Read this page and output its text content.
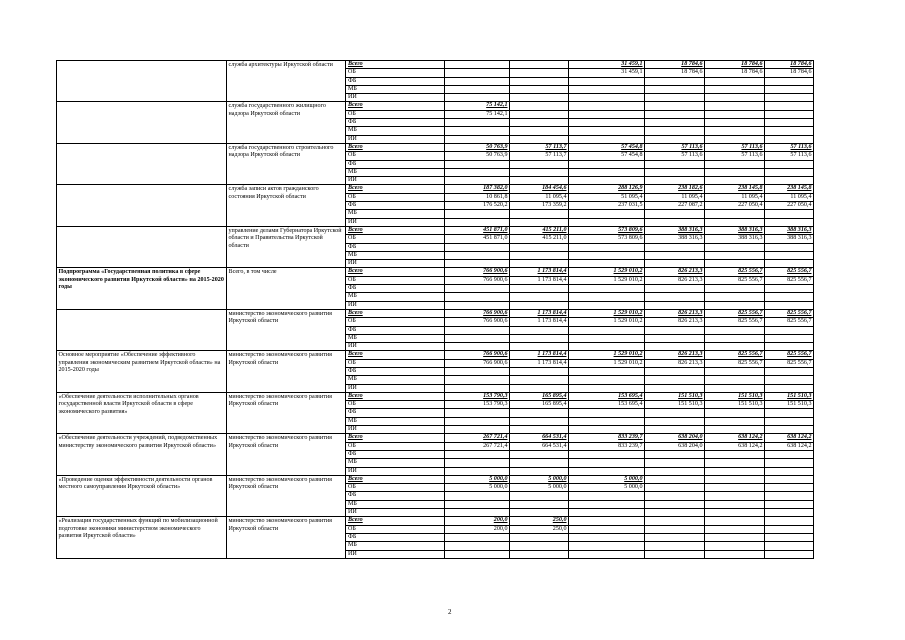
	служба архитектуры Иркутской области	Всего			31 459,1	18 784,6	18 784,6	18 784,6
		ОБ			31 459,1	18 784,6	18 784,6	18 784,6
		ФБ						
		МБ						
		ИИ						
	служба государственного жилищного надзора Иркутской области	Всего	75 142,1					
		ОБ	75 142,1					
		ФБ						
		МБ						
		ИИ						
	служба государственного строительного надзора Иркутской области	Всего	50 763,9	57 113,7	57 454,8	57 113,6	57 113,6	57 113,6
		ОБ	50 763,9	57 113,7	57 454,8	57 113,6	57 113,6	57 113,6
		ФБ						
		МБ						
		ИИ						
	служба записи актов гражданского состояния Иркутской области	Всего	187 382,0	184 454,6	288 126,9	238 182,6	238 145,8	238 145,8
		ОБ	10 861,8	11 095,4	51 095,4	11 095,4	11 095,4	11 095,4
		ФБ	176 520,2	173 359,2	237 031,5	227 087,2	227 050,4	227 050,4
		МБ						
		ИИ						
	управление делами Губернатора Иркутской области и Правительства Иркутской области	Всего	451 871,0	415 211,0	573 809,6	388 316,3	388 316,3	388 316,3
		ОБ	451 871,0	415 211,0	573 809,6	388 316,3	388 316,3	388 316,3
		ФБ						
		МБ						
		ИИ						
Подпрограмма «Государственная политика в сфере экономического развития Иркутской области» на 2015-2020 годы	Всего, в том числе	Всего	766 900,6	1 173 814,4	1 529 010,2	826 213,3	825 556,7	825 556,7
		ОБ	766 900,6	1 173 814,4	1 529 010,2	826 213,3	825 556,7	825 556,7
		ФБ						
		МБ						
		ИИ						
	министерство экономического развития Иркутской области	Всего	766 900,6	1 173 814,4	1 529 010,2	826 213,3	825 556,7	825 556,7
		ОБ	766 900,6	1 173 814,4	1 529 010,2	826 213,3	825 556,7	825 556,7
		ФБ						
		МБ						
		ИИ						
Основное мероприятие «Обеспечение эффективного управления экономическим развитием Иркутской области» на 2015-2020 годы	министерство экономического развития Иркутской области	Всего	766 900,6	1 173 814,4	1 529 010,2	826 213,3	825 556,7	825 556,7
		ОБ	766 900,6	1 173 814,4	1 529 010,2	826 213,3	825 556,7	825 556,7
		ФБ						
		МБ						
		ИИ						
«Обеспечение деятельности исполнительных органов государственной власти Иркутской области в сфере экономического развития»	министерство экономического развития Иркутской области	Всего	153 790,3	165 895,4	153 695,4	151 510,3	151 510,3	151 510,3
		ОБ	153 790,3	165 895,4	153 695,4	151 510,3	151 510,3	151 510,3
		ФБ						
		МБ						
		ИИ						
«Обеспечение деятельности учреждений, подведомственных министерству экономического развития Иркутской области»	министерство экономического развития Иркутской области	Всего	267 721,4	664 531,4	833 239,7	638 204,0	638 124,2	638 124,2
		ОБ	267 721,4	664 531,4	833 239,7	638 204,0	638 124,2	638 124,2
		ФБ						
		МБ						
		ИИ						
«Проведение оценки эффективности деятельности органов местного самоуправления Иркутской области»	министерство экономического развития Иркутской области	Всего	5 000,0	5 000,0	5 000,0			
		ОБ	5 000,0	5 000,0	5 000,0			
		ФБ						
		МБ						
		ИИ						
«Реализация государственных функций по мобилизационной подготовке экономики министерством экономического развития Иркутской области»	министерство экономического развития Иркутской области	Всего	200,0	250,0				
		ОБ	200,0	250,0				
		ФБ						
		МБ						
		ИИ						
2
